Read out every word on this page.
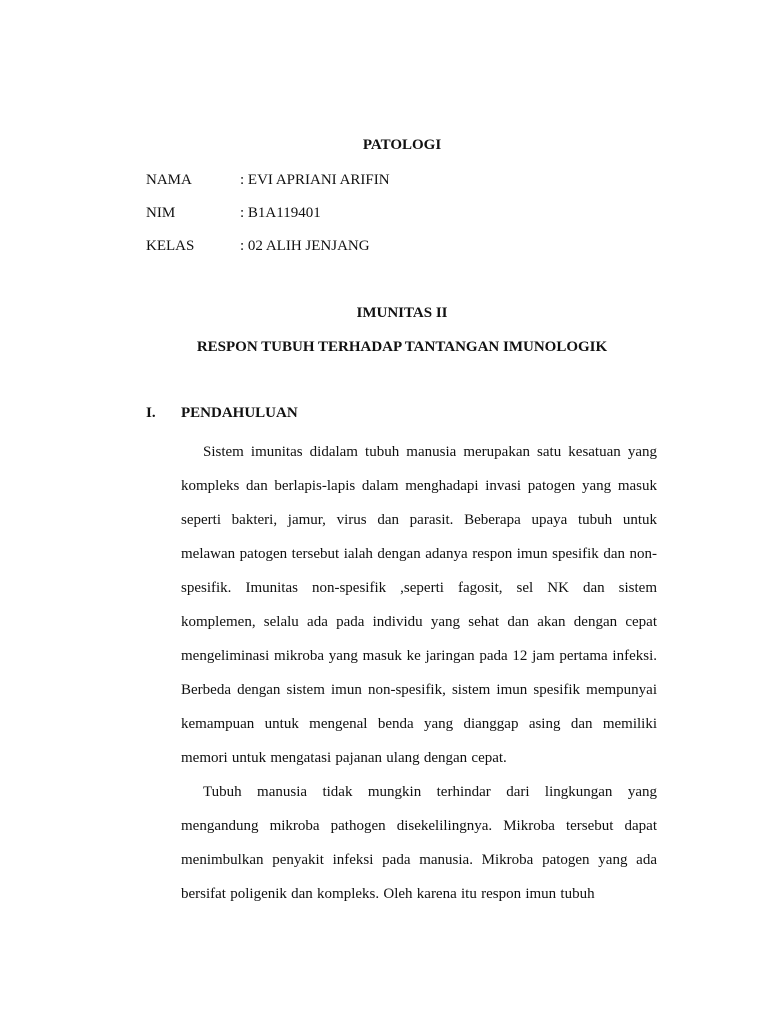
PATOLOGI
NAMA	: EVI APRIANI ARIFIN
NIM	: B1A119401
KELAS	: 02 ALIH JENJANG
IMUNITAS II
RESPON TUBUH TERHADAP TANTANGAN IMUNOLOGIK
I. PENDAHULUAN

Sistem imunitas didalam tubuh manusia merupakan satu kesatuan yang kompleks dan berlapis-lapis dalam menghadapi invasi patogen yang masuk seperti bakteri, jamur, virus dan parasit. Beberapa upaya tubuh untuk melawan patogen tersebut ialah dengan adanya respon imun spesifik dan non-spesifik. Imunitas non-spesifik ,seperti fagosit, sel NK dan sistem komplemen, selalu ada pada individu yang sehat dan akan dengan cepat mengeliminasi mikroba yang masuk ke jaringan pada 12 jam pertama infeksi. Berbeda dengan sistem imun non-spesifik, sistem imun spesifik mempunyai kemampuan untuk mengenal benda yang dianggap asing dan memiliki memori untuk mengatasi pajanan ulang dengan cepat.

Tubuh manusia tidak mungkin terhindar dari lingkungan yang mengandung mikroba pathogen disekelilingnya. Mikroba tersebut dapat menimbulkan penyakit infeksi pada manusia. Mikroba patogen yang ada bersifat poligenik dan kompleks. Oleh karena itu respon imun tubuh
